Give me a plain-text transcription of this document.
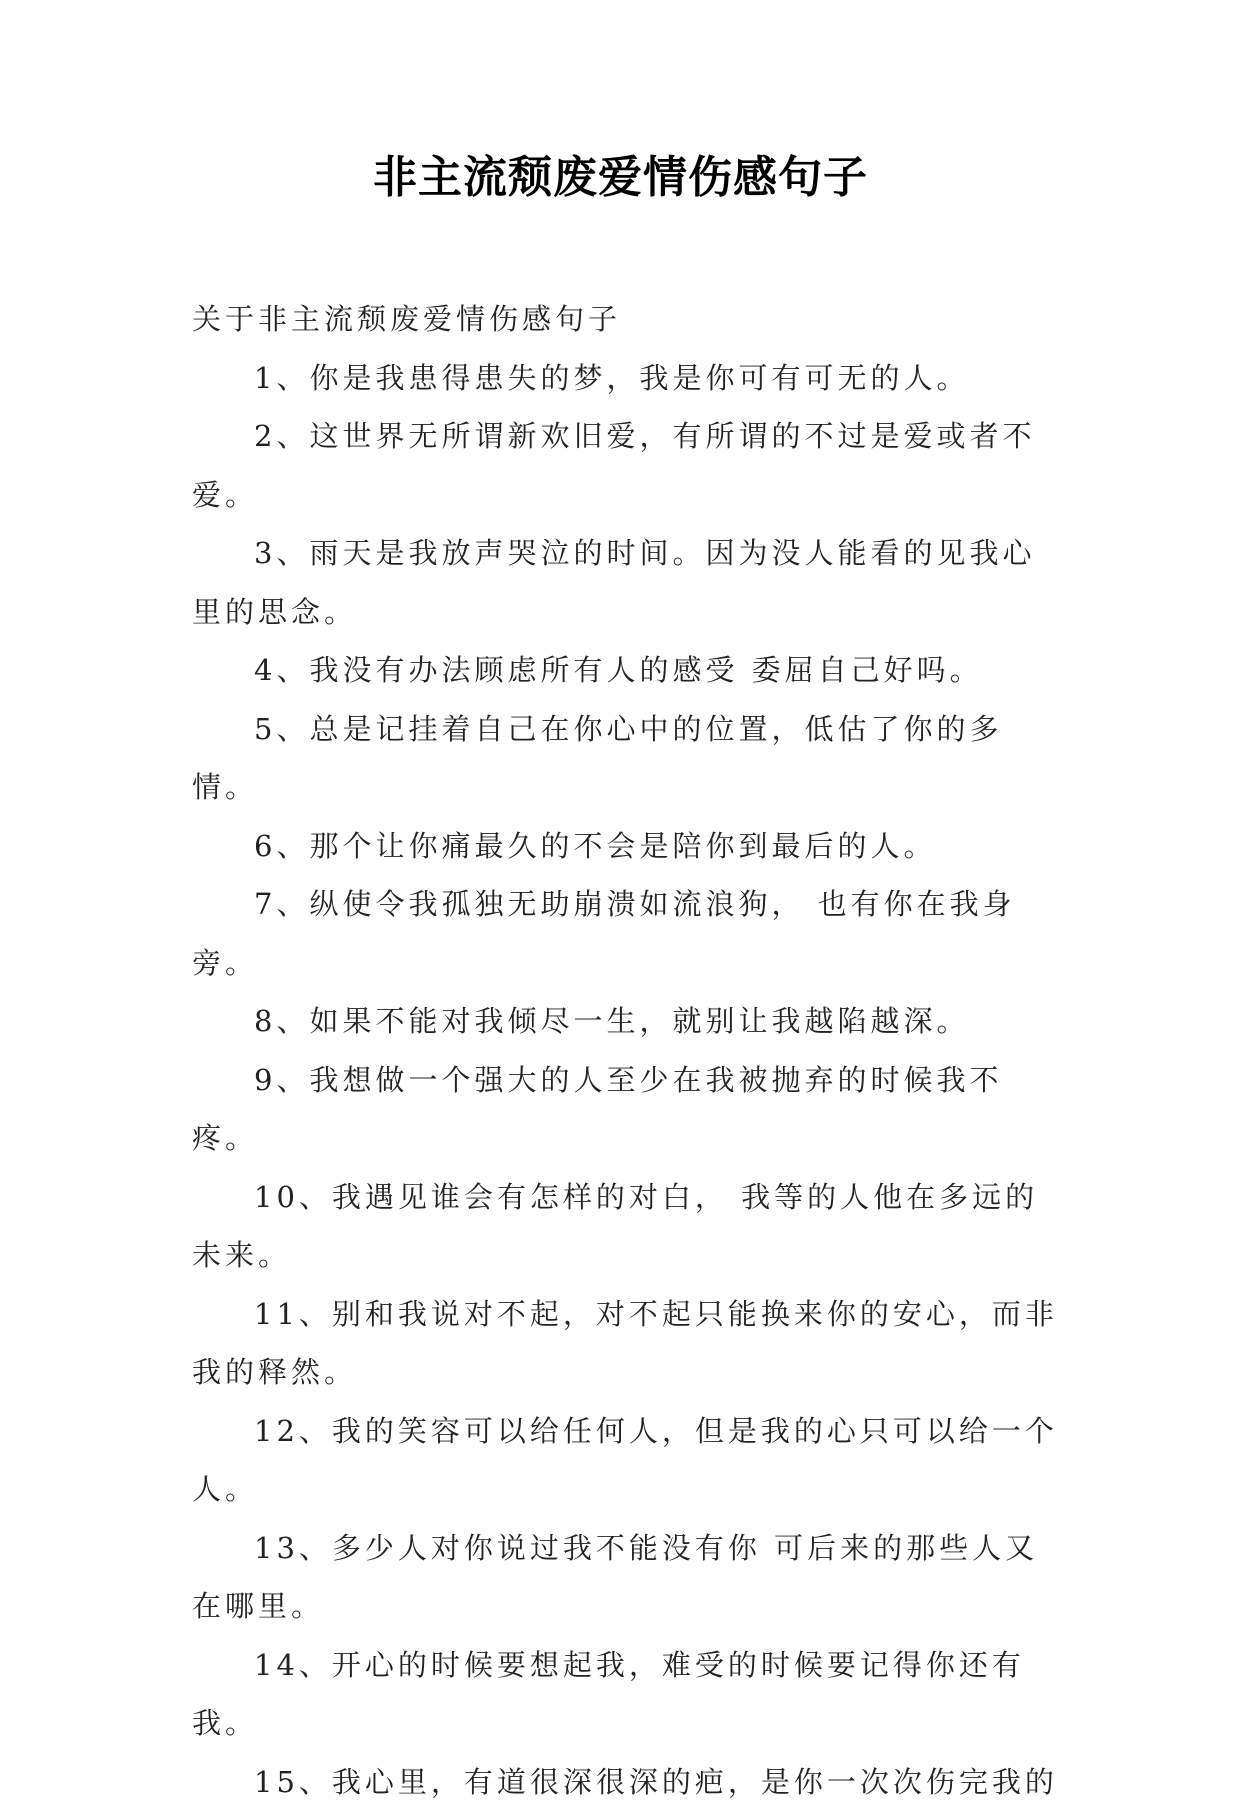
非主流颓废爱情伤感句子

关于非主流颓废爱情伤感句子

1、你是我患得患失的梦，我是你可有可无的人。

2、这世界无所谓新欢旧爱，有所谓的不过是爱或者不爱。

3、雨天是我放声哭泣的时间。因为没人能看的见我心里的思念。

4、我没有办法顾虑所有人的感受 委屈自己好吗。

5、总是记挂着自己在你心中的位置，低估了你的多情。

6、那个让你痛最久的不会是陪你到最后的人。

7、纵使令我孤独无助崩溃如流浪狗， 也有你在我身旁。

8、如果不能对我倾尽一生，就别让我越陷越深。

9、我想做一个强大的人至少在我被抛弃的时候我不疼。

10、我遇见谁会有怎样的对白， 我等的人他在多远的未来。

11、别和我说对不起，对不起只能换来你的安心，而非我的释然。

12、我的笑容可以给任何人，但是我的心只可以给一个人。

13、多少人对你说过我不能没有你 可后来的那些人又在哪里。

14、开心的时候要想起我，难受的时候要记得你还有我。

15、我心里，有道很深很深的疤，是你一次次伤完我的
